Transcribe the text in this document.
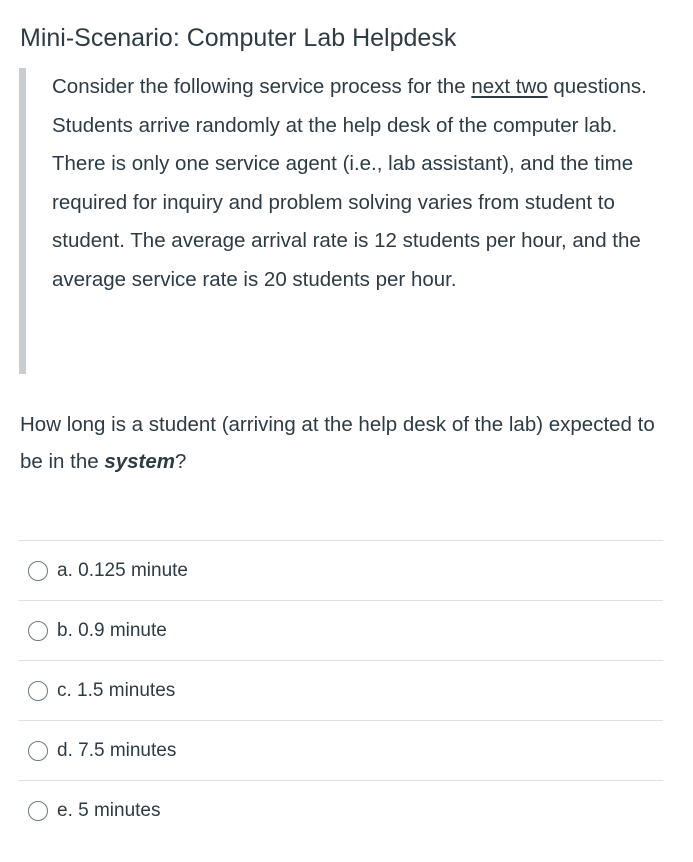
Mini-Scenario: Computer Lab Helpdesk

Consider the following service process for the next two questions. Students arrive randomly at the help desk of the computer lab. There is only one service agent (i.e., lab assistant), and the time required for inquiry and problem solving varies from student to student. The average arrival rate is 12 students per hour, and the average service rate is 20 students per hour.

How long is a student (arriving at the help desk of the lab) expected to be in the system?
a. 0.125 minute
b. 0.9 minute
c. 1.5 minutes
d. 7.5 minutes
e. 5 minutes
